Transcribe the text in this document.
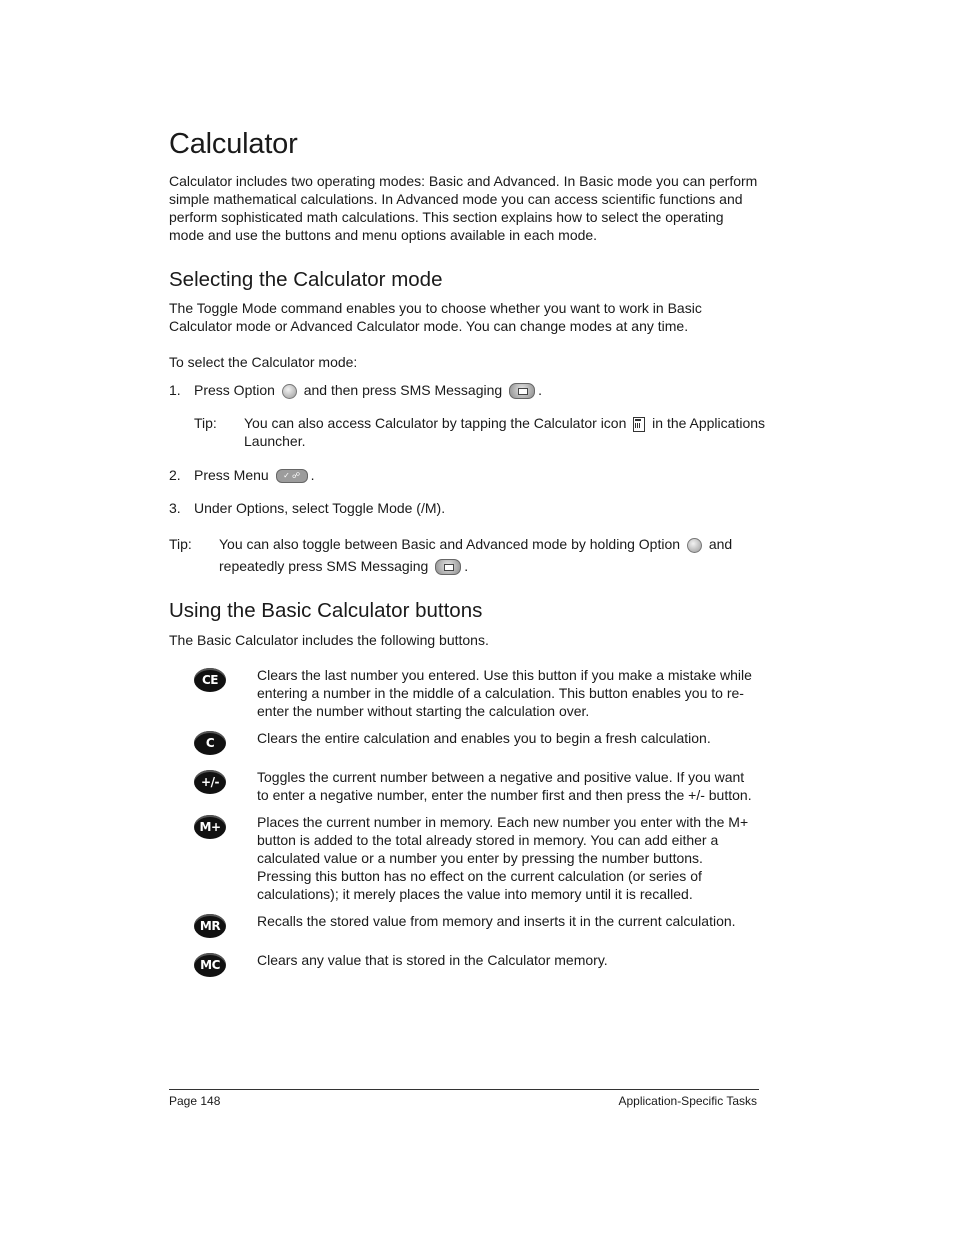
Calculator

Calculator includes two operating modes: Basic and Advanced. In Basic mode you can perform simple mathematical calculations. In Advanced mode you can access scientific functions and perform sophisticated math calculations. This section explains how to select the operating mode and use the buttons and menu options available in each mode.

Selecting the Calculator mode

The Toggle Mode command enables you to choose whether you want to work in Basic Calculator mode or Advanced Calculator mode. You can change modes at any time.

To select the Calculator mode:

1. Press Option and then press SMS Messaging	.
Tip: You can also access Calculator by tapping the Calculator icon in the Applications
Launcher.
2. Press Menu ✓ ☍ .
3. Under Options, select Toggle Mode (/M).
Tip: You can also toggle between Basic and Advanced mode by holding Option and
repeatedly press SMS Messaging	.
Using the Basic Calculator buttons

The Basic Calculator includes the following buttons.

CE	Clears the last number you entered. Use this button if you make a mistake while entering a number in the middle of a calculation. This button enables you to re-enter the number without starting the calculation over.
C	Clears the entire calculation and enables you to begin a fresh calculation.
+/-	Toggles the current number between a negative and positive value. If you want to enter a negative number, enter the number first and then press the +/- button.
M+	Places the current number in memory. Each new number you enter with the M+ button is added to the total already stored in memory. You can add either a calculated value or a number you enter by pressing the number buttons. Pressing this button has no effect on the current calculation (or series of calculations); it merely places the value into memory until it is recalled.
MR	Recalls the stored value from memory and inserts it in the current calculation.
MC	Clears any value that is stored in the Calculator memory.
Page 148	Application-Specific Tasks
